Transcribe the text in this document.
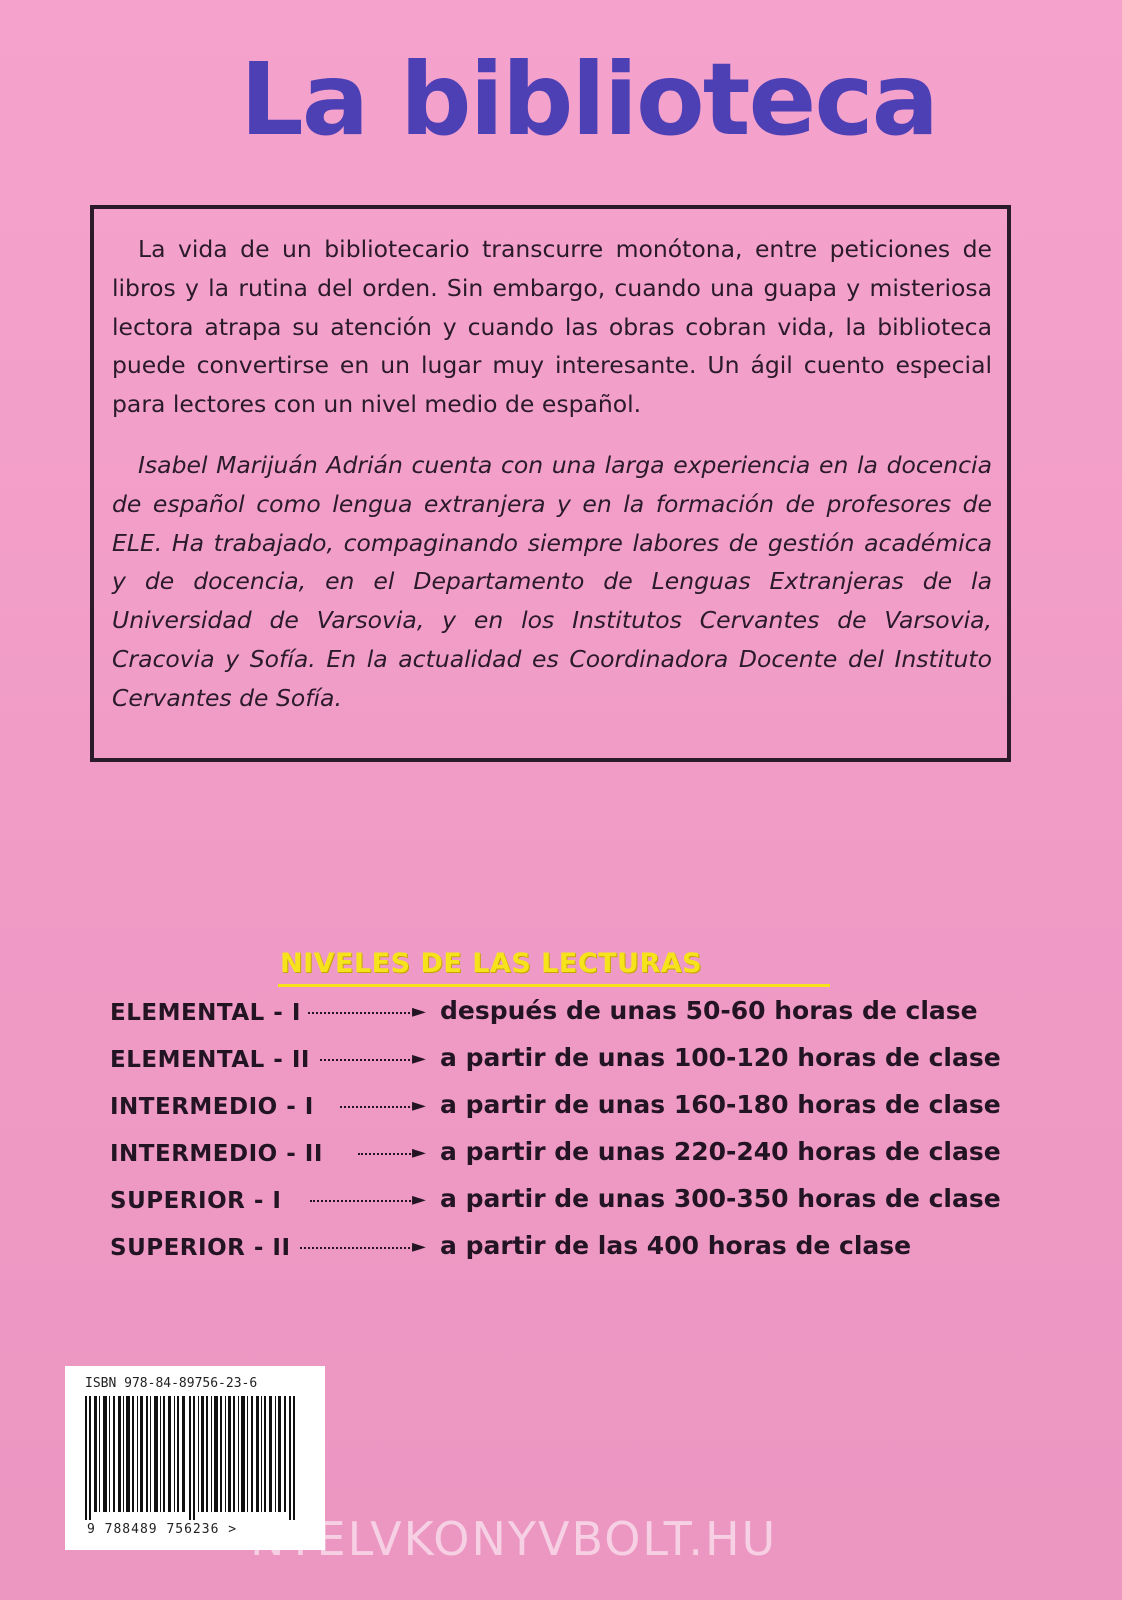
La biblioteca

La vida de un bibliotecario transcurre monótona, entre peticiones de libros y la rutina del orden. Sin embargo, cuando una guapa y misteriosa lectora atrapa su atención y cuando las obras cobran vida, la biblioteca puede convertirse en un lugar muy interesante. Un ágil cuento especial para lectores con un nivel medio de español.

Isabel Marijuán Adrián cuenta con una larga experiencia en la docencia de español como lengua extranjera y en la formación de profesores de ELE. Ha trabajado, compaginando siempre labores de gestión académica y de docencia, en el Departamento de Lenguas Extranjeras de la Universidad de Varsovia, y en los Institutos Cervantes de Varsovia, Cracovia y Sofía. En la actualidad es Coordinadora Docente del Instituto Cervantes de Sofía.

NIVELES DE LAS LECTURAS
ELEMENTAL - I	► después de unas 50-60 horas de clase
ELEMENTAL - II	► a partir de unas 100-120 horas de clase
INTERMEDIO - I	► a partir de unas 160-180 horas de clase
INTERMEDIO - II	► a partir de unas 220-240 horas de clase
SUPERIOR - I	► a partir de unas 300-350 horas de clase
SUPERIOR - II	► a partir de las 400 horas de clase
ISBN 978-84-89756-23-6
9 788489 756236 > NYELVKONYVBOLT.HU
